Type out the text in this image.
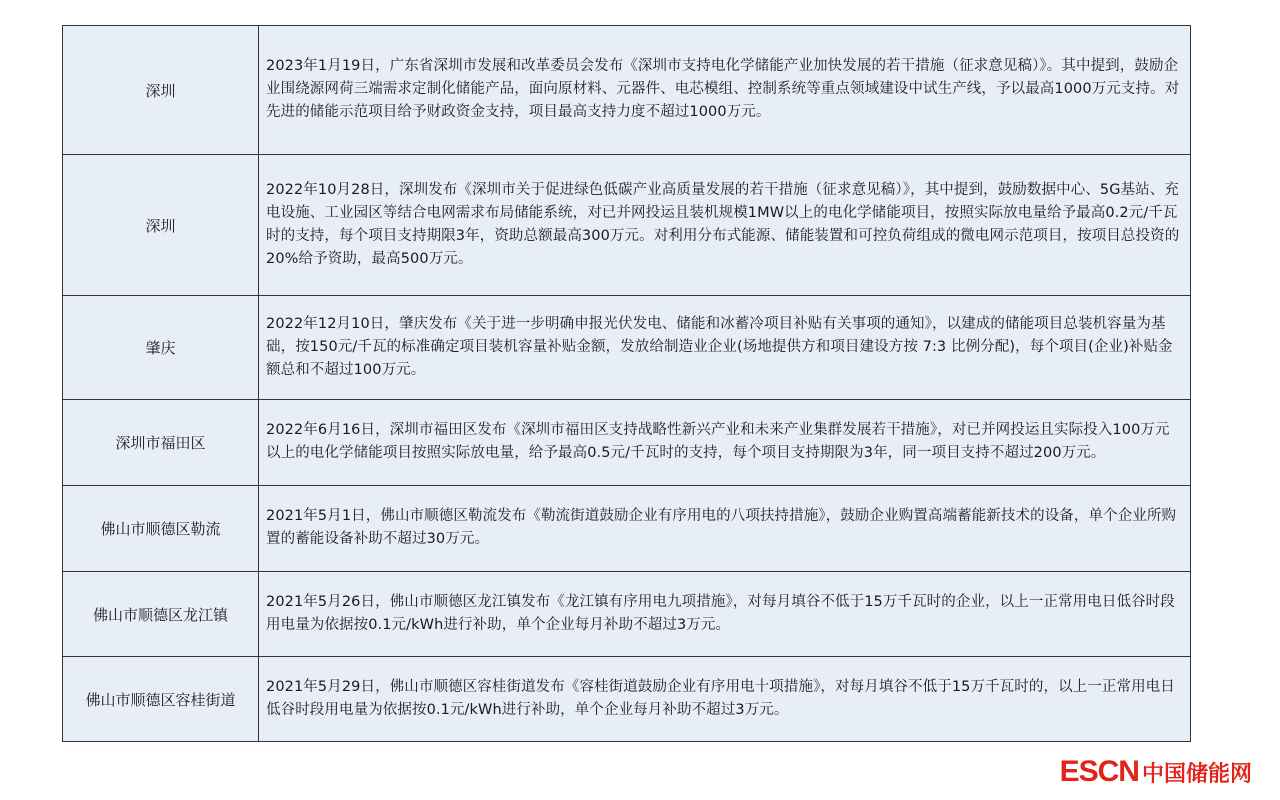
深圳	2023年1月19日，广东省深圳市发展和改革委员会发布《深圳市支持电化学储能产业加快发展的若干措施（征求意见稿）》。其中提到，鼓励企业围绕源网荷三端需求定制化储能产品，面向原材料、元器件、电芯模组、控制系统等重点领域建设中试生产线，予以最高1000万元支持。对先进的储能示范项目给予财政资金支持，项目最高支持力度不超过1000万元。
深圳	2022年10月28日，深圳发布《深圳市关于促进绿色低碳产业高质量发展的若干措施（征求意见稿）》，其中提到，鼓励数据中心、5G基站、充电设施、工业园区等结合电网需求布局储能系统，对已并网投运且装机规模1MW以上的电化学储能项目，按照实际放电量给予最高0.2元/千瓦时的支持，每个项目支持期限3年，资助总额最高300万元。对利用分布式能源、储能装置和可控负荷组成的微电网示范项目，按项目总投资的20%给予资助，最高500万元。
肇庆	2022年12月10日，肇庆发布《关于进一步明确申报光伏发电、储能和冰蓄冷项目补贴有关事项的通知》，以建成的储能项目总装机容量为基础，按150元/千瓦的标准确定项目装机容量补贴金额，发放给制造业企业(场地提供方和项目建设方按 7:3 比例分配)，每个项目(企业)补贴金额总和不超过100万元。
深圳市福田区	2022年6月16日，深圳市福田区发布《深圳市福田区支持战略性新兴产业和未来产业集群发展若干措施》，对已并网投运且实际投入100万元以上的电化学储能项目按照实际放电量，给予最高0.5元/千瓦时的支持，每个项目支持期限为3年，同一项目支持不超过200万元。
佛山市顺德区勒流	2021年5月1日，佛山市顺德区勒流发布《勒流街道鼓励企业有序用电的八项扶持措施》，鼓励企业购置高端蓄能新技术的设备，单个企业所购置的蓄能设备补助不超过30万元。
佛山市顺德区龙江镇	2021年5月26日，佛山市顺德区龙江镇发布《龙江镇有序用电九项措施》，对每月填谷不低于15万千瓦时的企业，以上一正常用电日低谷时段用电量为依据按0.1元/kWh进行补助，单个企业每月补助不超过3万元。
佛山市顺德区容桂街道	2021年5月29日，佛山市顺德区容桂街道发布《容桂街道鼓励企业有序用电十项措施》，对每月填谷不低于15万千瓦时的，以上一正常用电日低谷时段用电量为依据按0.1元/kWh进行补助，单个企业每月补助不超过3万元。
ESCN 中国储能网
